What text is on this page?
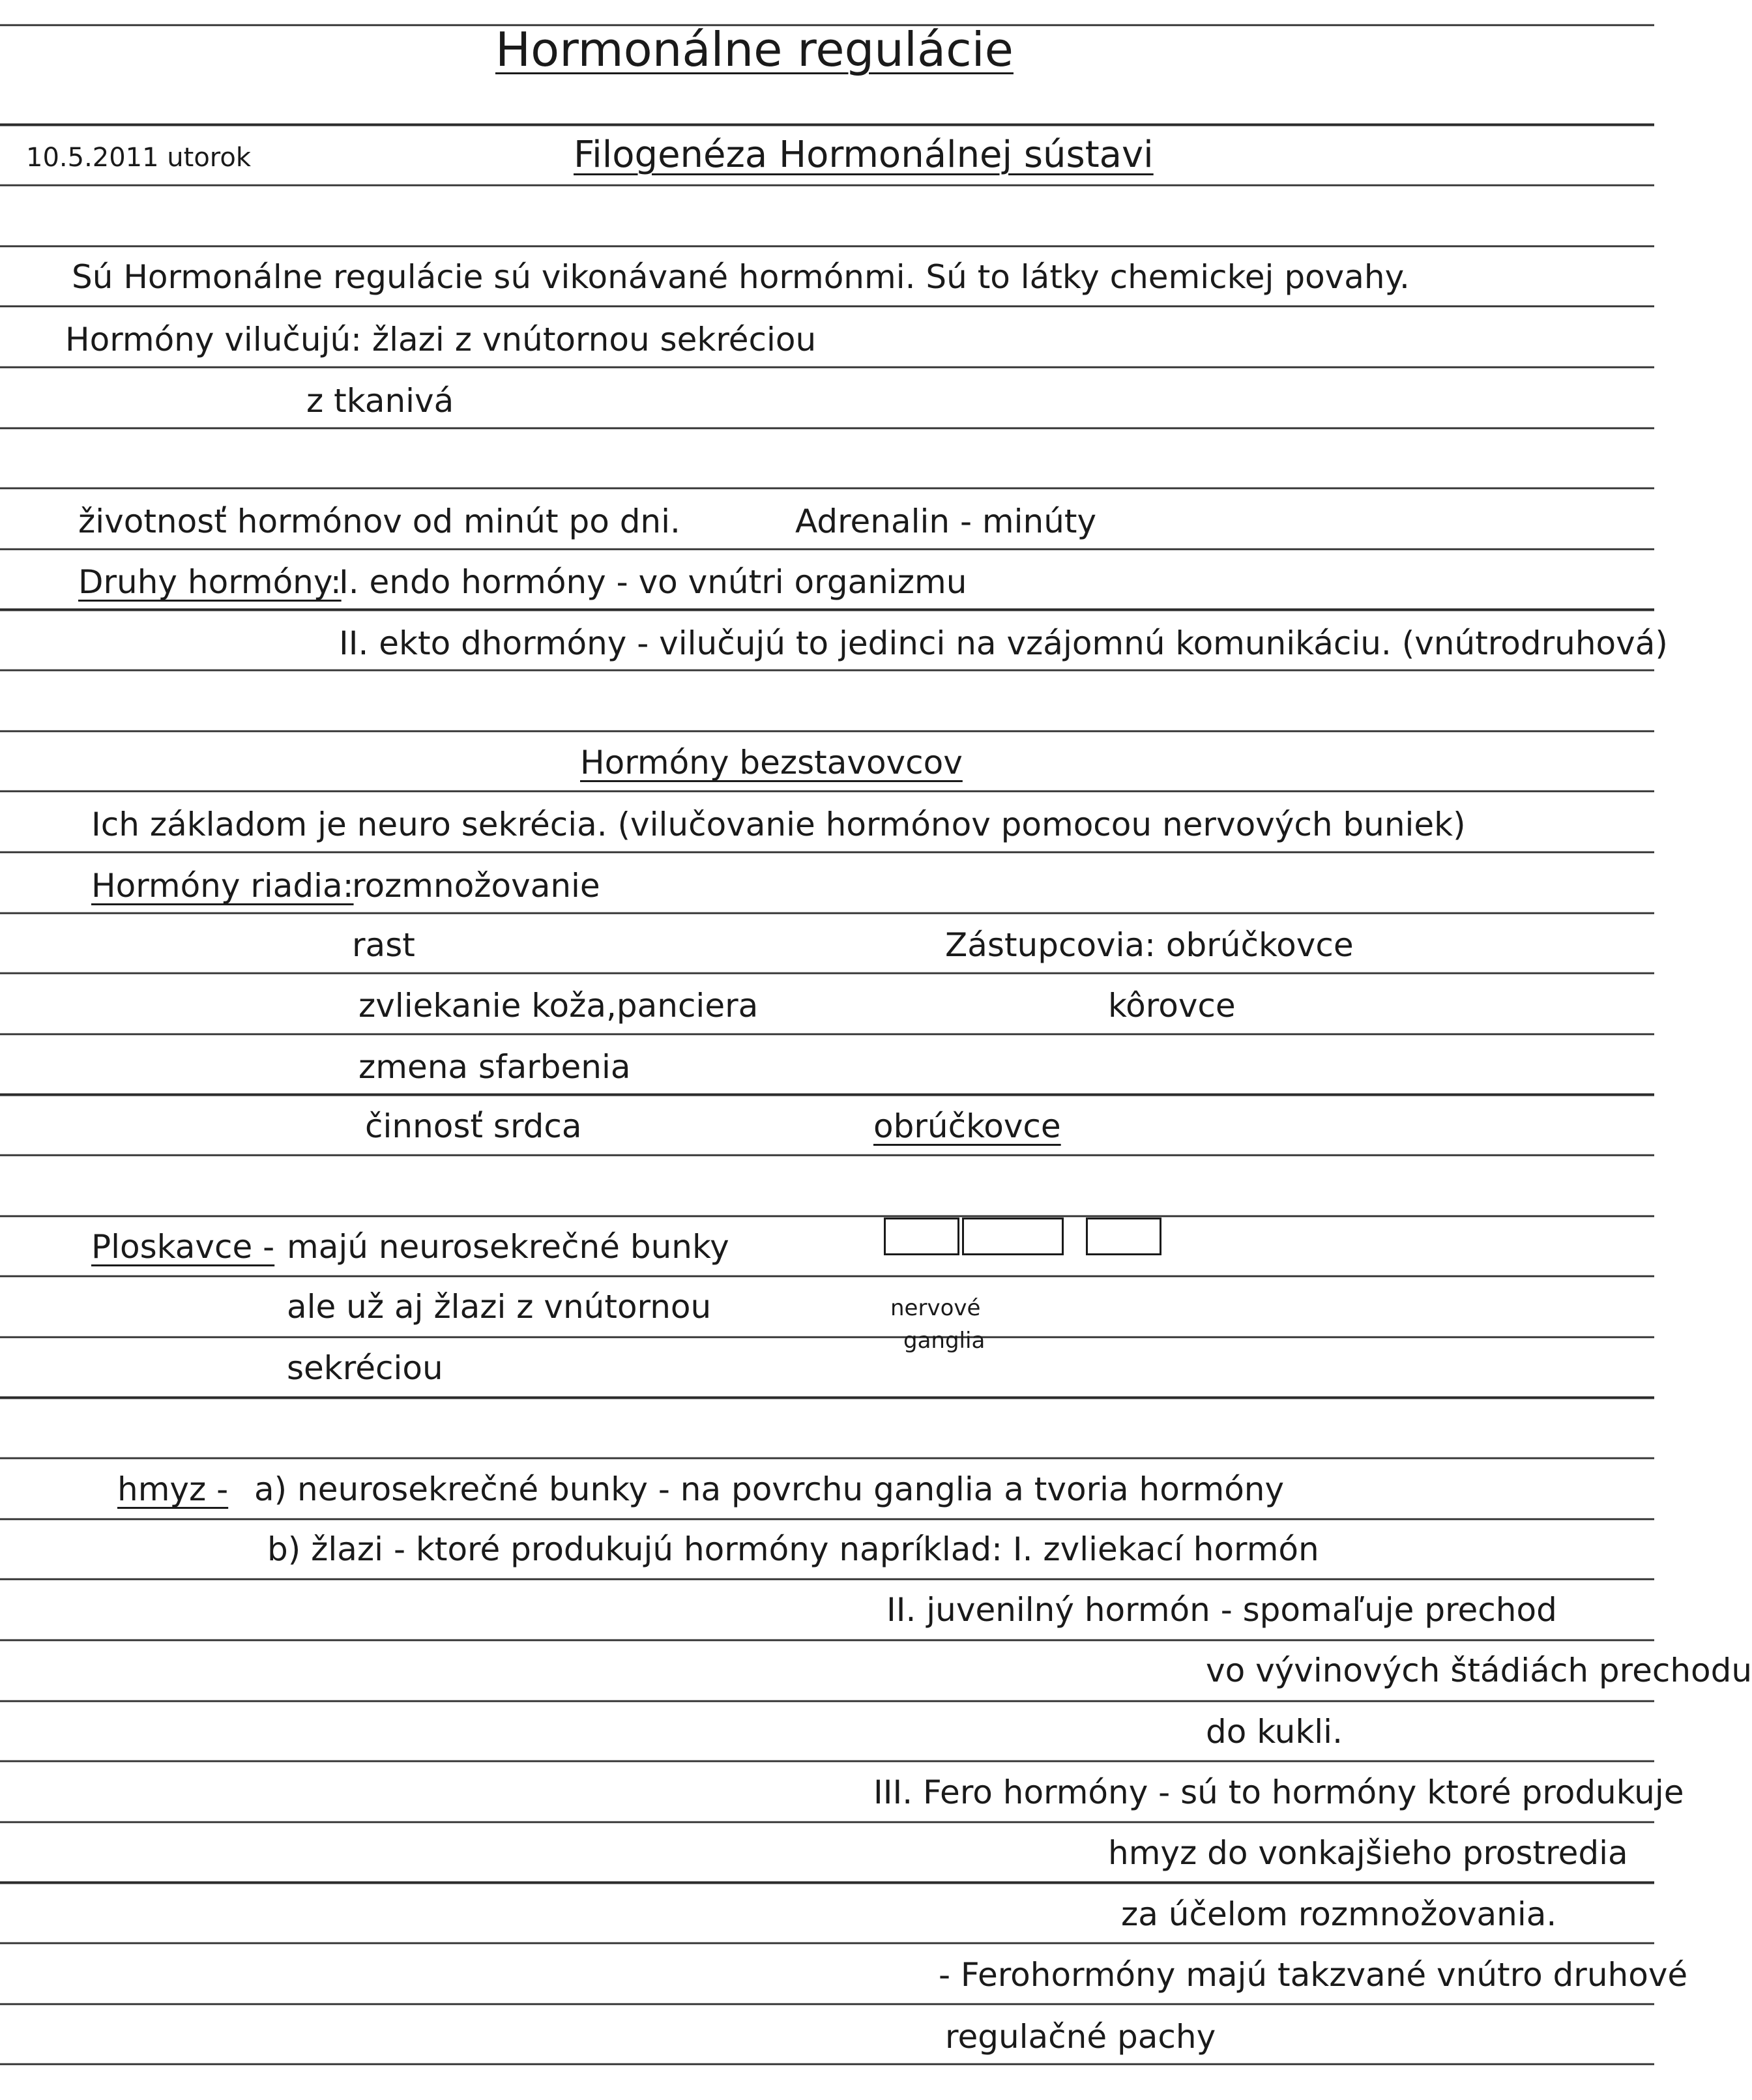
Hormonálne regulácie
10.5.2011 utorok	Filogenéza Hormonálnej sústavi
Sú Hormonálne regulácie sú vikonávané hormónmi. Sú to látky chemickej povahy.
Hormóny vilučujú: žlazi z vnútornou sekréciou
z tkanivá
životnosť hormónov od minút po dni.	Adrenalin - minúty
Druhy hormóny:
I. endo hormóny - vo vnútri organizmu
II. ekto dhormóny - vilučujú to jedinci na vzájomnú komunikáciu. (vnútrodruhová)
Hormóny bezstavovcov
Ich základom je neuro sekrécia. (vilučovanie hormónov pomocou nervových buniek)
Hormóny riadia:
rozmnožovanie
rast	Zástupcovia: obrúčkovce
zvliekanie koža,panciera	kôrovce
zmena sfarbenia
činnosť srdca	obrúčkovce
Ploskavce - majú neurosekrečné bunky
ale už aj žlazi z vnútornou
sekréciou
nervové
ganglia
hmyz - a) neurosekrečné bunky - na povrchu ganglia a tvoria hormóny
b) žlazi - ktoré produkujú hormóny napríklad: I. zvliekací hormón
II. juvenilný hormón - spomaľuje prechod
vo vývinových štádiách prechodu
do kukli.
III. Fero hormóny - sú to hormóny ktoré produkuje
hmyz do vonkajšieho prostredia
za účelom rozmnožovania.
- Ferohormóny majú takzvané vnútro druhové
regulačné pachy
